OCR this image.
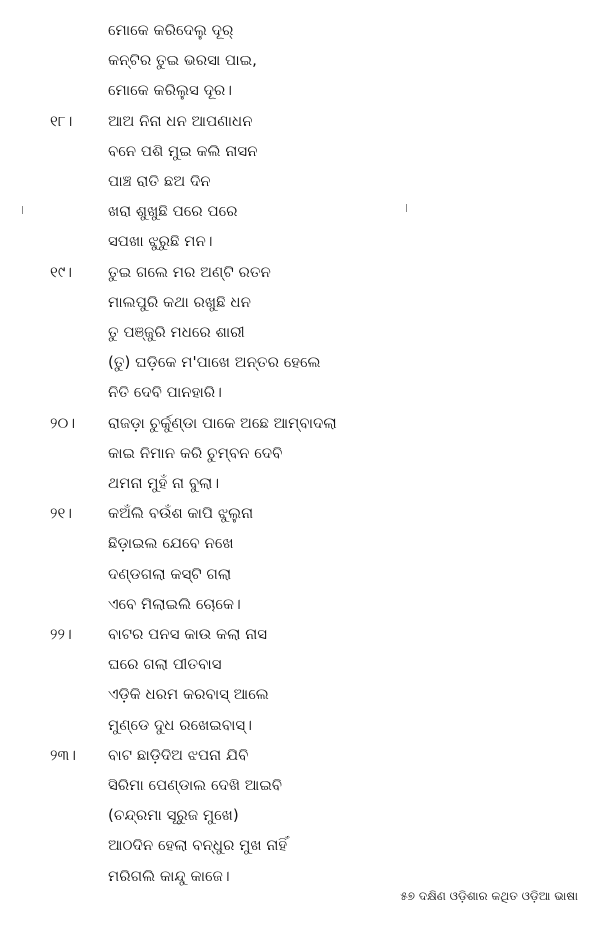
ମୋକେ କରିଦେଲୁ ଦୂର୍
କନ୍ଟିର ତୁଇ ଭରସା ପାଇ,
ମୋକେ କରିଲୁସ ଦୂର।
୧୮। ଆଅ ନିନା ଧନ ଆପଣାଧନ
ବନେ ପଶି ମୁଇ କଲି ନାସନ
ପାଞ୍ଚ ରାତି ଛଅ ଦିନ
ଖରା ଶୁଖୁଛି ପରେ ପରେ
ସପଖା ଝୁରୁଛି ମନ।
୧୯। ତୁଇ ଗଲେ ମର ଅଣ୍ଟି ରତନ
ମାଲପୁରି କଥା ରଖୁଛି ଧନ
ତୁ ପଞ୍ଜୁରି ମଧରେ ଶାରୀ
(ତୁ) ଘଡ଼ିକେ ମ'ପାଖେ ଅନ୍ତର ହେଲେ
ନିତି ଦେବି ପାନହାରି।
୨୦। ରାଜଡ଼ା ଚୁର୍କୁଣ୍ଡା ପାକେ ଅଛେ ଆମ୍ବାଦଲା
କାଇ ନିମାନ କରି ଚୁମ୍ବନ ଦେବି
ଥମନା ମୁହଁ ନା ବୁଲା।
୨୧। କଅଁଲି ବଉଁଶ କାପି ଝୁଲୁନା
ଛିଡ଼ାଇଲ ଯେବେ ନଖେ
ଦଣ୍ଡଗଲା କସ୍ଟି ଗଲା
ଏବେ ମିଲାଇଲି ଚୋକେ।
୨୨। ବାଟର ପନସ କାଉ କଲା ନାସ
ଘରେ ଗଲା ପୀତବାସ
ଏଡ଼ିକି ଧରମ କରବାସ୍ ଆଲେ
ମୁଣ୍ଡେ ଦୁଧ ରଖେଇବାସ୍।
୨୩। ବାଟ ଛାଡ଼ିଦିଅ ଝପନା ଯିବି
ସିରିମା ପେଣ୍ଡାଲ ଦେଖି ଆଇବି
(ଚନ୍ଦ୍ରମା ସୂରୁଜ ମୁଖେ)
ଆଠଦିନ ହେଲା ବନ୍ଧୁର ମୁଖ ନାହିଁ
ମରିଗଲି କାନ୍ଦୁ କାଜେ।
୫୭ ଦକ୍ଷିଣ ଓଡ଼ିଶାର କଥିତ ଓଡ଼ିଆ ଭାଷା
